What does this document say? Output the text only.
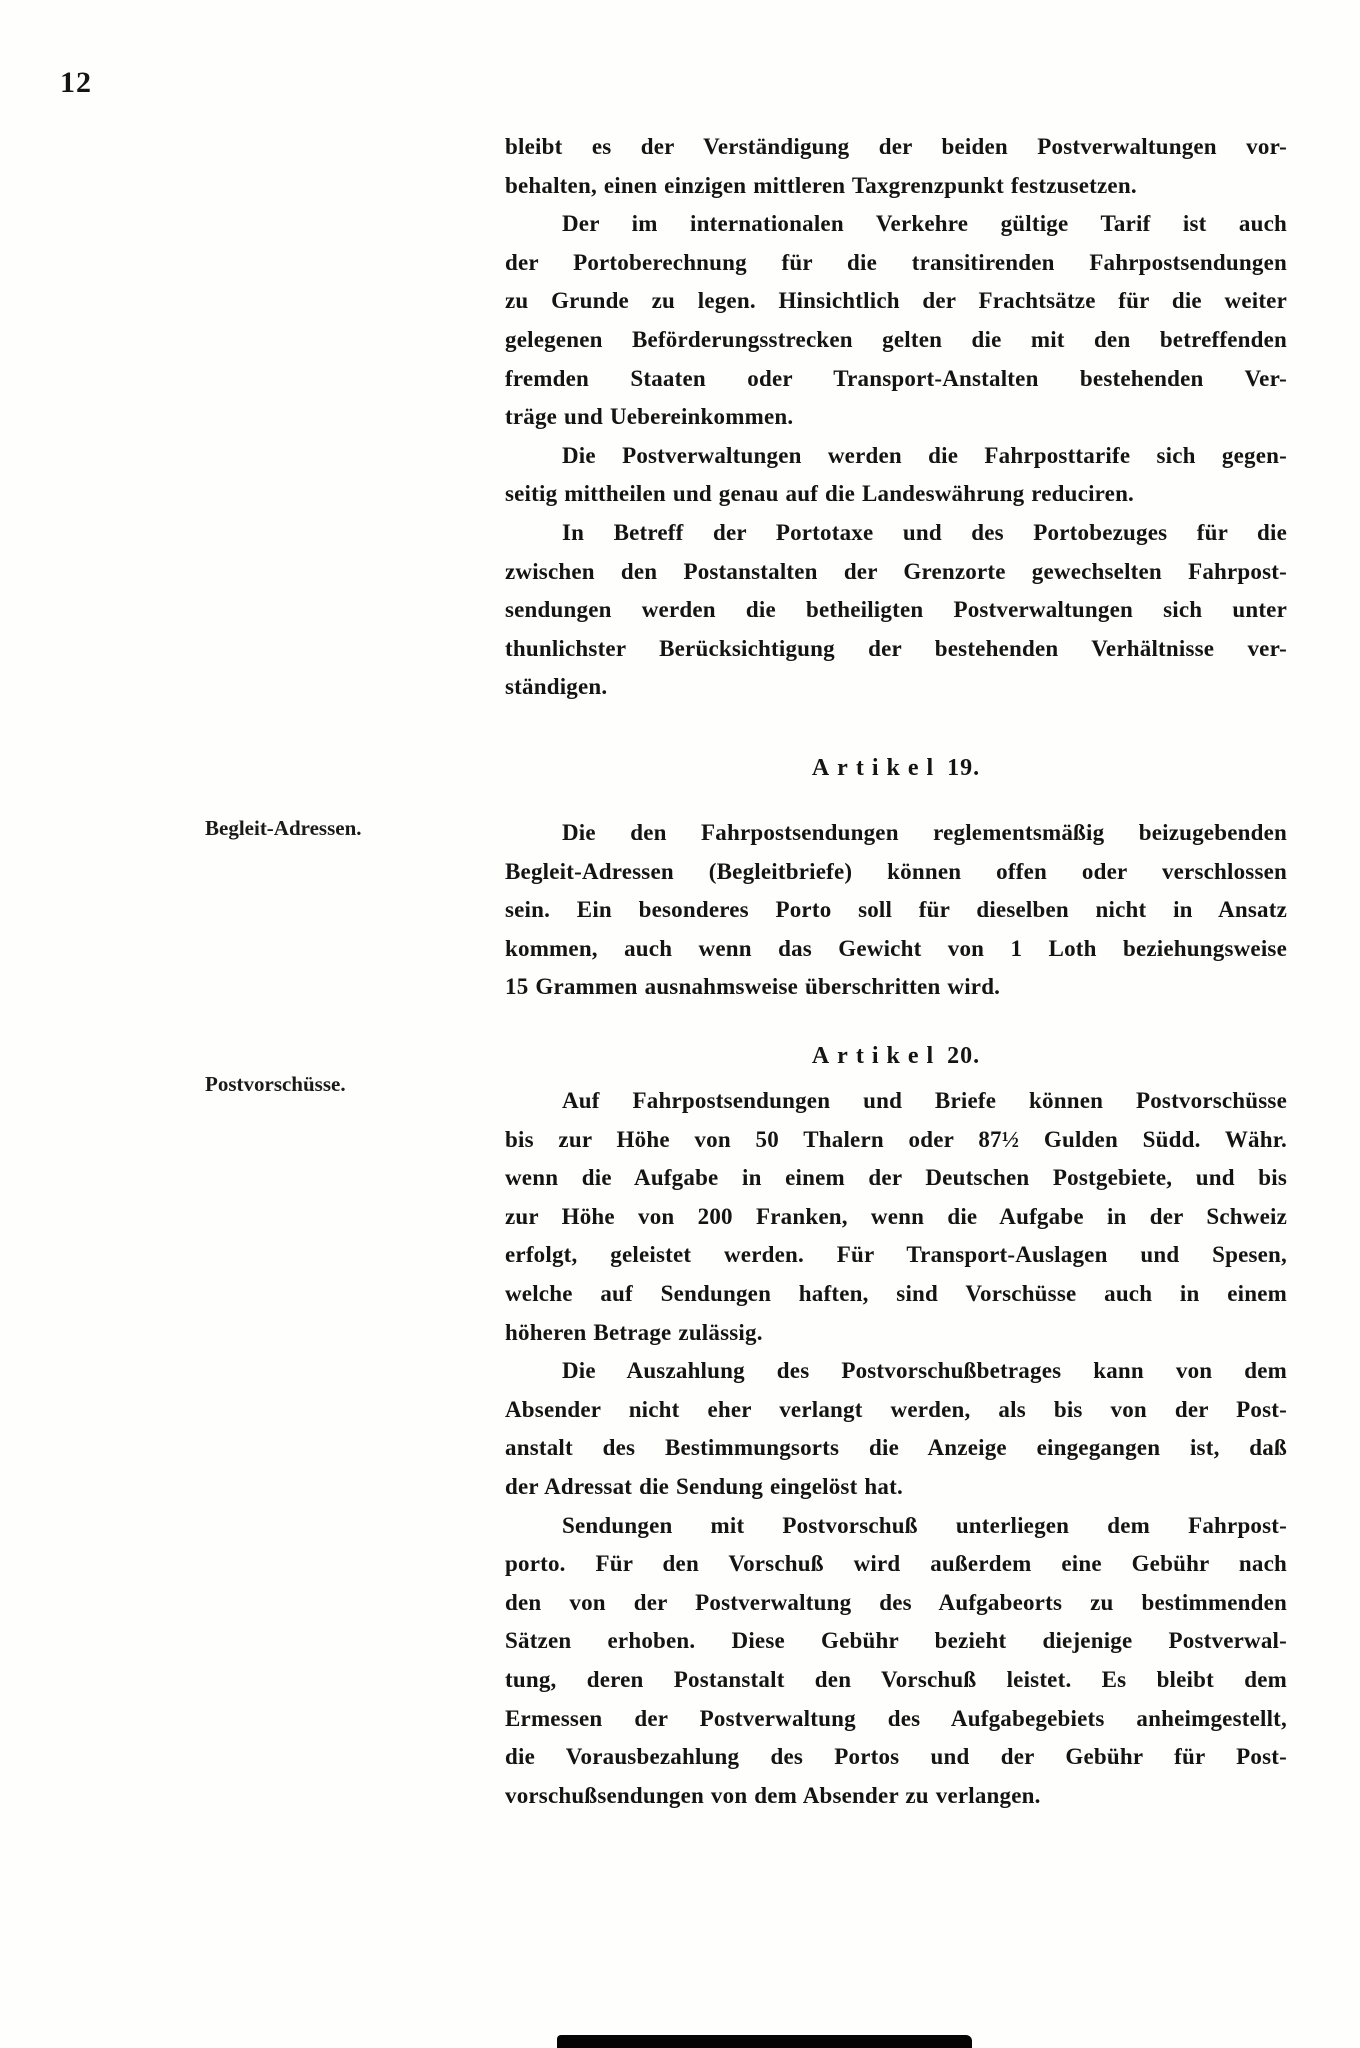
12
bleibt es der Verständigung der beiden Postverwaltungen vor-
behalten, einen einzigen mittleren Taxgrenzpunkt festzusetzen.
Der im internationalen Verkehre gültige Tarif ist auch
der Portoberechnung für die transitirenden Fahrpostsendungen
zu Grunde zu legen. Hinsichtlich der Frachtsätze für die weiter
gelegenen Beförderungsstrecken gelten die mit den betreffenden
fremden Staaten oder Transport-Anstalten bestehenden Ver-
träge und Uebereinkommen.
Die Postverwaltungen werden die Fahrposttarife sich gegen-
seitig mittheilen und genau auf die Landeswährung reduciren.
In Betreff der Portotaxe und des Portobezuges für die
zwischen den Postanstalten der Grenzorte gewechselten Fahrpost-
sendungen werden die betheiligten Postverwaltungen sich unter
thunlichster Berücksichtigung der bestehenden Verhältnisse ver-
ständigen.
Artikel 19.
Begleit-Adressen.	Die den Fahrpostsendungen reglementsmäßig beizugebenden
Begleit-Adressen (Begleitbriefe) können offen oder verschlossen
sein. Ein besonderes Porto soll für dieselben nicht in Ansatz
kommen, auch wenn das Gewicht von 1 Loth beziehungsweise
15 Grammen ausnahmsweise überschritten wird.
Artikel 20.
Postvorschüsse.
Auf Fahrpostsendungen und Briefe können Postvorschüsse
bis zur Höhe von 50 Thalern oder 87½ Gulden Südd. Währ.
wenn die Aufgabe in einem der Deutschen Postgebiete, und bis
zur Höhe von 200 Franken, wenn die Aufgabe in der Schweiz
erfolgt, geleistet werden. Für Transport-Auslagen und Spesen,
welche auf Sendungen haften, sind Vorschüsse auch in einem
höheren Betrage zulässig.
Die Auszahlung des Postvorschußbetrages kann von dem
Absender nicht eher verlangt werden, als bis von der Post-
anstalt des Bestimmungsorts die Anzeige eingegangen ist, daß
der Adressat die Sendung eingelöst hat.
Sendungen mit Postvorschuß unterliegen dem Fahrpost-
porto. Für den Vorschuß wird außerdem eine Gebühr nach
den von der Postverwaltung des Aufgabeorts zu bestimmenden
Sätzen erhoben. Diese Gebühr bezieht diejenige Postverwal-
tung, deren Postanstalt den Vorschuß leistet. Es bleibt dem
Ermessen der Postverwaltung des Aufgabegebiets anheimgestellt,
die Vorausbezahlung des Portos und der Gebühr für Post-
vorschußsendungen von dem Absender zu verlangen.
